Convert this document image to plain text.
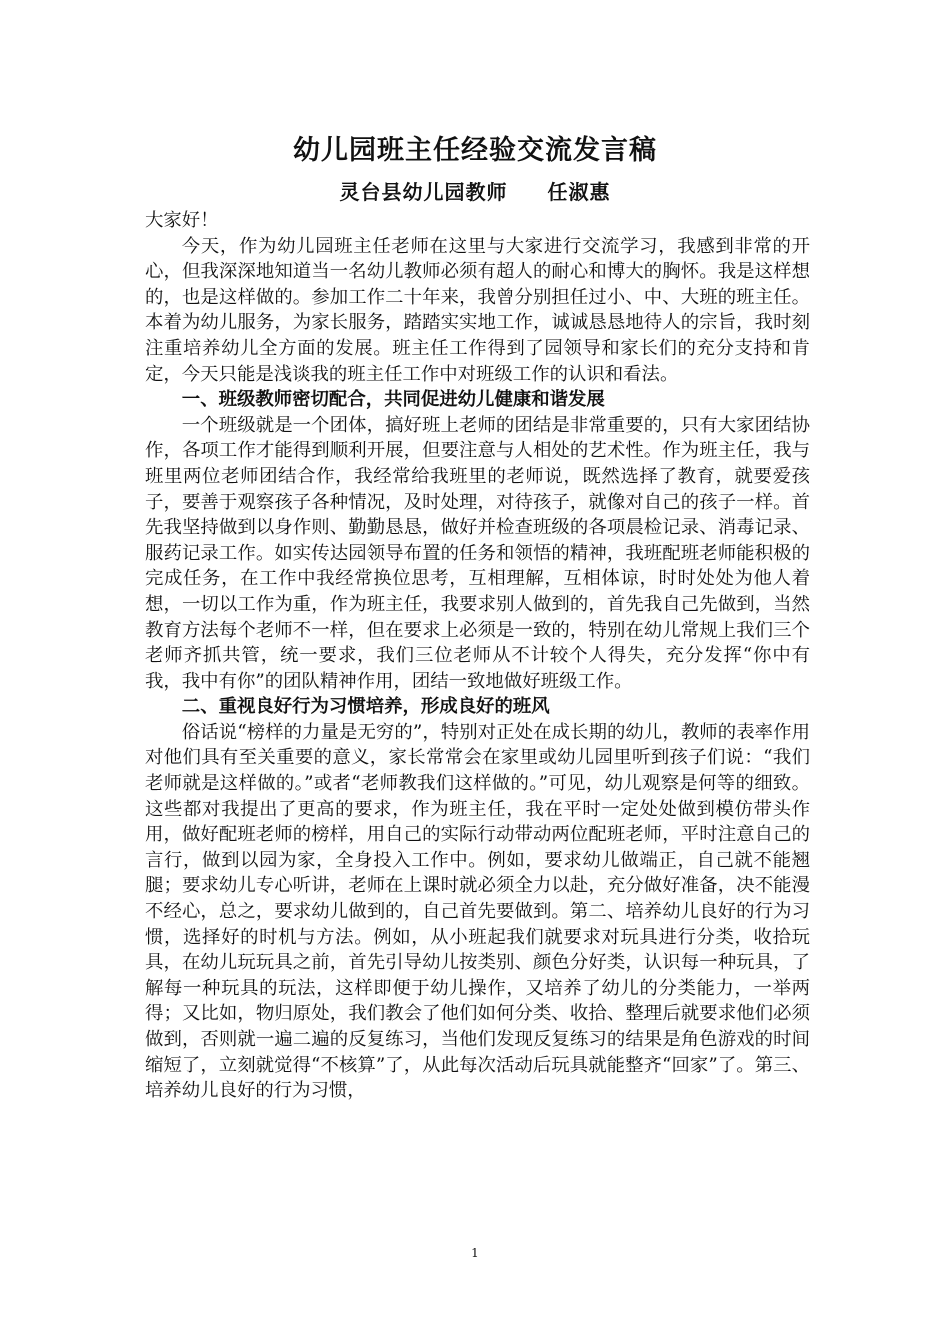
幼儿园班主任经验交流发言稿
灵台县幼儿园教师 任淑惠

大家好！

今天，作为幼儿园班主任老师在这里与大家进行交流学习，我感到非常的开心，但我深深地知道当一名幼儿教师必须有超人的耐心和博大的胸怀。我是这样想的，也是这样做的。参加工作二十年来，我曾分别担任过小、中、大班的班主任。本着为幼儿服务，为家长服务，踏踏实实地工作，诚诚恳恳地待人的宗旨，我时刻注重培养幼儿全方面的发展。班主任工作得到了园领导和家长们的充分支持和肯定，今天只能是浅谈我的班主任工作中对班级工作的认识和看法。

一、班级教师密切配合，共同促进幼儿健康和谐发展

一个班级就是一个团体，搞好班上老师的团结是非常重要的，只有大家团结协作，各项工作才能得到顺利开展，但要注意与人相处的艺术性。作为班主任，我与班里两位老师团结合作，我经常给我班里的老师说，既然选择了教育，就要爱孩子，要善于观察孩子各种情况，及时处理，对待孩子，就像对自己的孩子一样。首先我坚持做到以身作则、勤勤恳恳，做好并检查班级的各项晨检记录、消毒记录、服药记录工作。如实传达园领导布置的任务和领悟的精神，我班配班老师能积极的完成任务，在工作中我经常换位思考，互相理解，互相体谅，时时处处为他人着想，一切以工作为重，作为班主任，我要求别人做到的，首先我自己先做到，当然教育方法每个老师不一样，但在要求上必须是一致的，特别在幼儿常规上我们三个老师齐抓共管，统一要求，我们三位老师从不计较个人得失，充分发挥“你中有我，我中有你”的团队精神作用，团结一致地做好班级工作。

二、重视良好行为习惯培养，形成良好的班风

俗话说“榜样的力量是无穷的”，特别对正处在成长期的幼儿，教师的表率作用对他们具有至关重要的意义，家长常常会在家里或幼儿园里听到孩子们说：“我们老师就是这样做的。”或者“老师教我们这样做的。”可见，幼儿观察是何等的细致。这些都对我提出了更高的要求，作为班主任，我在平时一定处处做到模仿带头作用，做好配班老师的榜样，用自己的实际行动带动两位配班老师，平时注意自己的言行，做到以园为家，全身投入工作中。例如，要求幼儿做端正，自己就不能翘腿；要求幼儿专心听讲，老师在上课时就必须全力以赴，充分做好准备，决不能漫不经心，总之，要求幼儿做到的，自己首先要做到。第二、培养幼儿良好的行为习惯，选择好的时机与方法。例如，从小班起我们就要求对玩具进行分类，收拾玩具，在幼儿玩玩具之前，首先引导幼儿按类别、颜色分好类，认识每一种玩具，了解每一种玩具的玩法，这样即便于幼儿操作，又培养了幼儿的分类能力，一举两得；又比如，物归原处，我们教会了他们如何分类、收拾、整理后就要求他们必须做到，否则就一遍二遍的反复练习，当他们发现反复练习的结果是角色游戏的时间缩短了，立刻就觉得“不核算”了，从此每次活动后玩具就能整齐“回家”了。第三、培养幼儿良好的行为习惯，

1
